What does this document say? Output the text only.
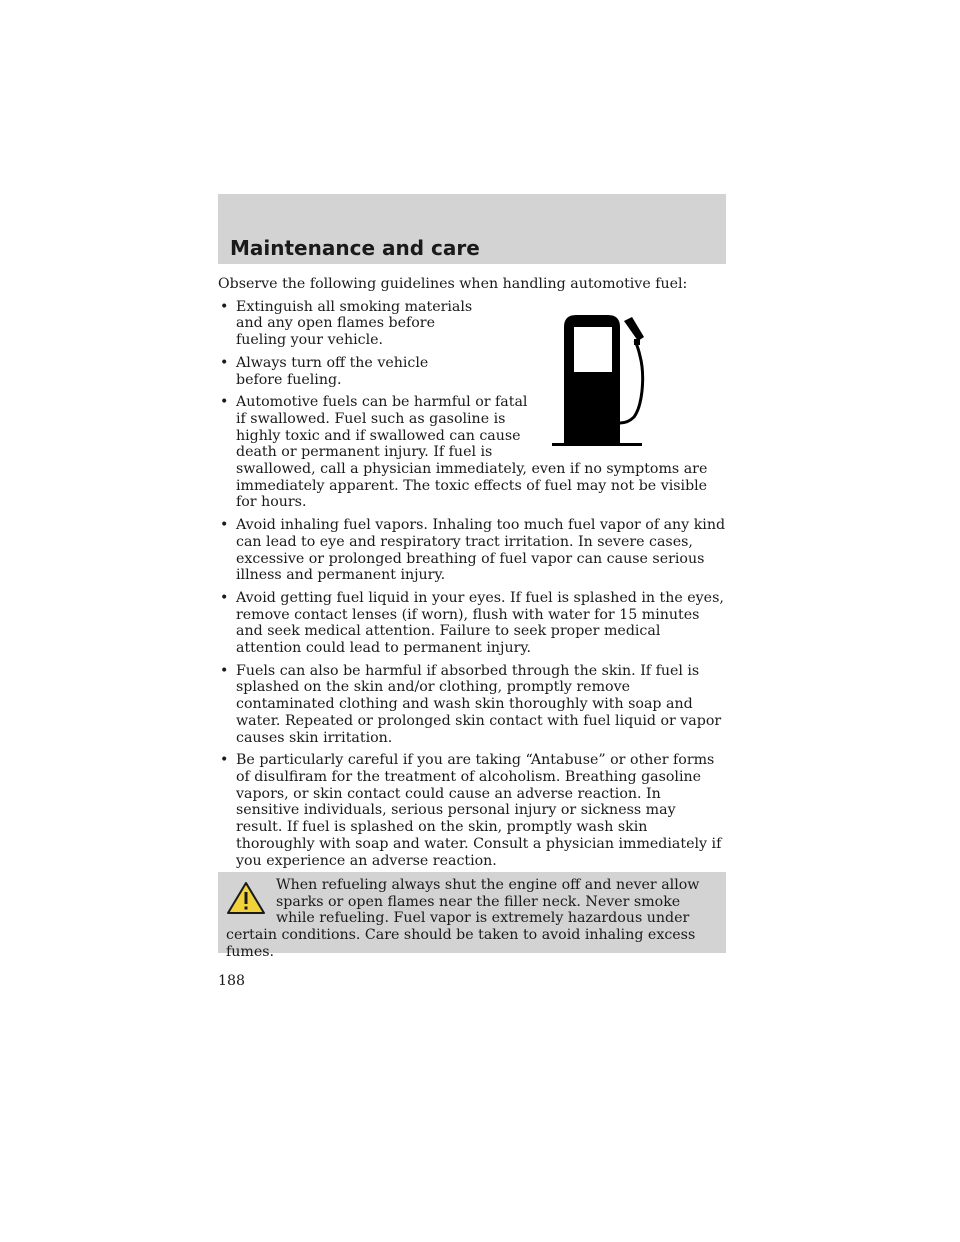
Maintenance and care

Observe the following guidelines when handling automotive fuel:

• Extinguish all smoking materials and any open flames before fueling your vehicle.
• Always turn off the vehicle before fueling.
• Automotive fuels can be harmful or fatal if swallowed. Fuel such as gasoline is highly toxic and if swallowed can cause death or permanent injury. If fuel is swallowed, call a physician immediately, even if no symptoms are immediately apparent. The toxic effects of fuel may not be visible for hours.
• Avoid inhaling fuel vapors. Inhaling too much fuel vapor of any kind can lead to eye and respiratory tract irritation. In severe cases, excessive or prolonged breathing of fuel vapor can cause serious illness and permanent injury.
• Avoid getting fuel liquid in your eyes. If fuel is splashed in the eyes, remove contact lenses (if worn), flush with water for 15 minutes and seek medical attention. Failure to seek proper medical attention could lead to permanent injury.
• Fuels can also be harmful if absorbed through the skin. If fuel is splashed on the skin and/or clothing, promptly remove contaminated clothing and wash skin thoroughly with soap and water. Repeated or prolonged skin contact with fuel liquid or vapor causes skin irritation.
• Be particularly careful if you are taking “Antabuse” or other forms of disulfiram for the treatment of alcoholism. Breathing gasoline vapors, or skin contact could cause an adverse reaction. In sensitive individuals, serious personal injury or sickness may result. If fuel is splashed on the skin, promptly wash skin thoroughly with soap and water. Consult a physician immediately if you experience an adverse reaction.

When refueling always shut the engine off and never allow sparks or open flames near the filler neck. Never smoke while refueling. Fuel vapor is extremely hazardous under certain conditions. Care should be taken to avoid inhaling excess fumes.

188
